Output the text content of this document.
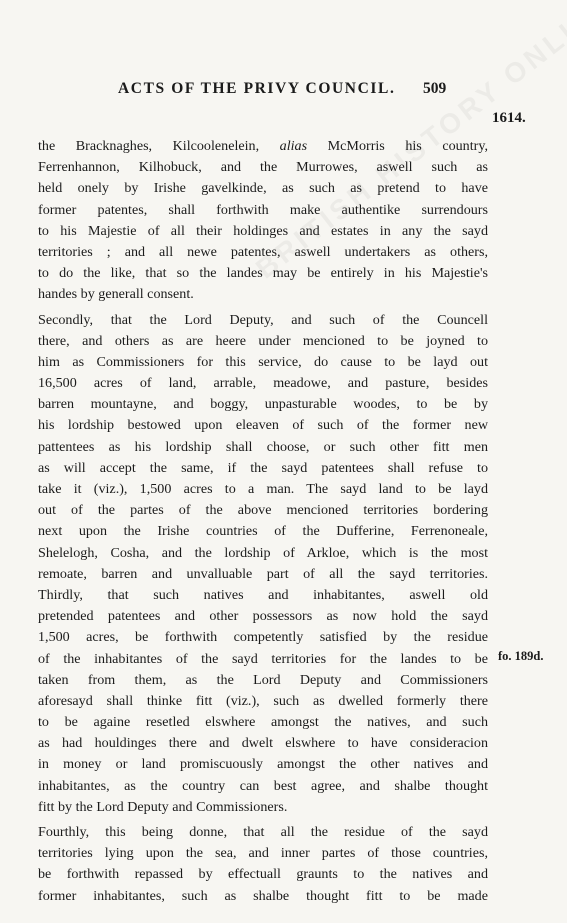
ACTS OF THE PRIVY COUNCIL. 509
1614.
fo. 189d.
the Bracknaghes, Kilcoolenelein, alias McMorris his country,
Ferrenhannon, Kilhobuck, and the Murrowes, aswell such as
held onely by Irishe gavelkinde, as such as pretend to have
former patentes, shall forthwith make authentike surrendours
to his Majestie of all their holdinges and estates in any the sayd
territories ; and all newe patentes, aswell undertakers as others,
to do the like, that so the landes may be entirely in his Majestie's
handes by generall consent.
Secondly, that the Lord Deputy, and such of the Councell
there, and others as are heere under mencioned to be joyned to
him as Commissioners for this service, do cause to be layd out
16,500 acres of land, arrable, meadowe, and pasture, besides
barren mountayne, and boggy, unpasturable woodes, to be by
his lordship bestowed upon eleaven of such of the former new
pattentees as his lordship shall choose, or such other fitt men
as will accept the same, if the sayd patentees shall refuse to
take it (viz.), 1,500 acres to a man. The sayd land to be layd
out of the partes of the above mencioned territories bordering
next upon the Irishe countries of the Dufferine, Ferrenoneale,
Shelelogh, Cosha, and the lordship of Arkloe, which is the most
remoate, barren and unvalluable part of all the sayd territories.
Thirdly, that such natives and inhabitantes, aswell old
pretended patentees and other possessors as now hold the sayd
1,500 acres, be forthwith competently satisfied by the residue
of the inhabitantes of the sayd territories for the landes to be
taken from them, as the Lord Deputy and Commissioners
aforesayd shall thinke fitt (viz.), such as dwelled formerly there
to be againe resetled elswhere amongst the natives, and such
as had houldinges there and dwelt elswhere to have consideracion
in money or land promiscuously amongst the other natives and
inhabitantes, as the country can best agree, and shalbe thought
fitt by the Lord Deputy and Commissioners.
Fourthly, this being donne, that all the residue of the sayd
territories lying upon the sea, and inner partes of those countries,
be forthwith repassed by effectuall graunts to the natives and
former inhabitantes, such as shalbe thought fitt to be made
